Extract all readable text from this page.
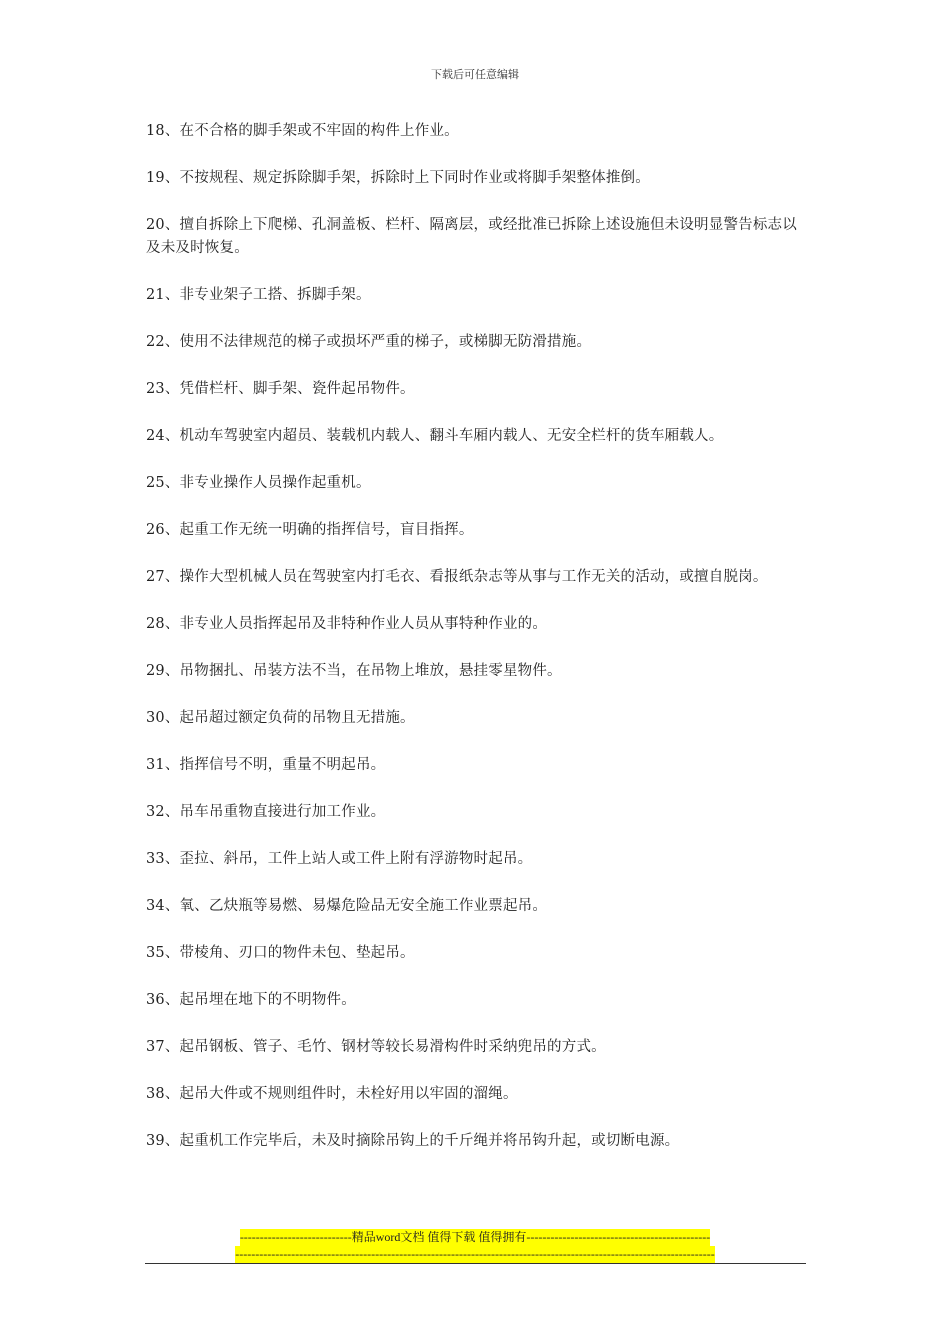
下载后可任意编辑

18、在不合格的脚手架或不牢固的构件上作业。

19、不按规程、规定拆除脚手架，拆除时上下同时作业或将脚手架整体推倒。

20、擅自拆除上下爬梯、孔洞盖板、栏杆、隔离层，或经批准已拆除上述设施但未设明显警告标志以及未及时恢复。

21、非专业架子工搭、拆脚手架。

22、使用不法律规范的梯子或损坏严重的梯子，或梯脚无防滑措施。

23、凭借栏杆、脚手架、瓷件起吊物件。

24、机动车驾驶室内超员、装载机内载人、翻斗车厢内载人、无安全栏杆的货车厢载人。

25、非专业操作人员操作起重机。

26、起重工作无统一明确的指挥信号，盲目指挥。

27、操作大型机械人员在驾驶室内打毛衣、看报纸杂志等从事与工作无关的活动，或擅自脱岗。

28、非专业人员指挥起吊及非特种作业人员从事特种作业的。

29、吊物捆扎、吊装方法不当，在吊物上堆放，悬挂零星物件。

30、起吊超过额定负荷的吊物且无措施。

31、指挥信号不明，重量不明起吊。

32、吊车吊重物直接进行加工作业。

33、歪拉、斜吊，工件上站人或工件上附有浮游物时起吊。

34、氧、乙炔瓶等易燃、易爆危险品无安全施工作业票起吊。

35、带棱角、刃口的物件未包、垫起吊。

36、起吊埋在地下的不明物件。

37、起吊钢板、管子、毛竹、钢材等较长易滑构件时采纳兜吊的方式。

38、起吊大件或不规则组件时，未栓好用以牢固的溜绳。

39、起重机工作完毕后，未及时摘除吊钩上的千斤绳并将吊钩升起，或切断电源。

----------------------------精品word文档 值得下载 值得拥有----------------------------------------------
------------------------------------------------------------------------------------------------------------------------
